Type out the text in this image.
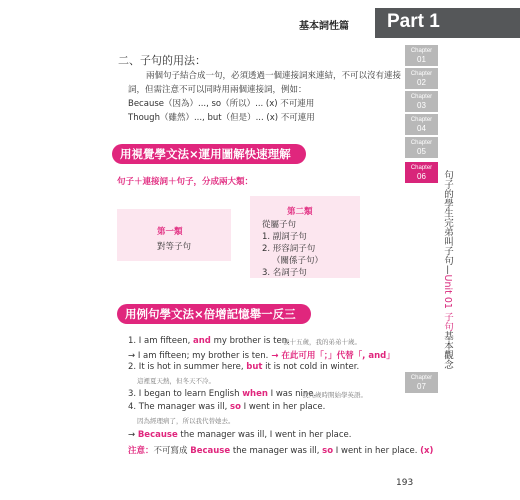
基本詞性篇 Part 1
Chapter
01
Chapter
02
Chapter
03
Chapter
04
Chapter
05
Chapter
06
Chapter
07
句子的學生完弟叫子句—Unit 01 子句基本觀念
二、子句的用法：
兩個句子結合成一句，必須透過一個連接詞來連結，不可以沒有連接
詞，但需注意不可以同時用兩個連接詞，例如：
Because（因為）..., so（所以）... (x) 不可連用
Though（雖然）..., but（但是）... (x) 不可連用
用視覺學文法×運用圖解快速理解
句子＋連接詞＋句子，分成兩大類：
第一類
對等子句
第二類
從屬子句
1. 副詞子句
2. 形容詞子句
（關係子句）
3. 名詞子句
用例句學文法×倍增記憶舉一反三
1. I am fifteen, and my brother is ten.
我十五歲，我的弟弟十歲。
→ I am fifteen; my brother is ten. → 在此可用「；」代替「, and」
2. It is hot in summer here, but it is not cold in winter.
這裡夏天熱，但冬天不冷。
3. I began to learn English when I was nine.
我九歲時開始學英語。
4. The manager was ill, so I went in her place.
因為經理病了，所以我代替她去。
→ Because the manager was ill, I went in her place.
注意：不可寫成 Because the manager was ill, so I went in her place. (x)
193
